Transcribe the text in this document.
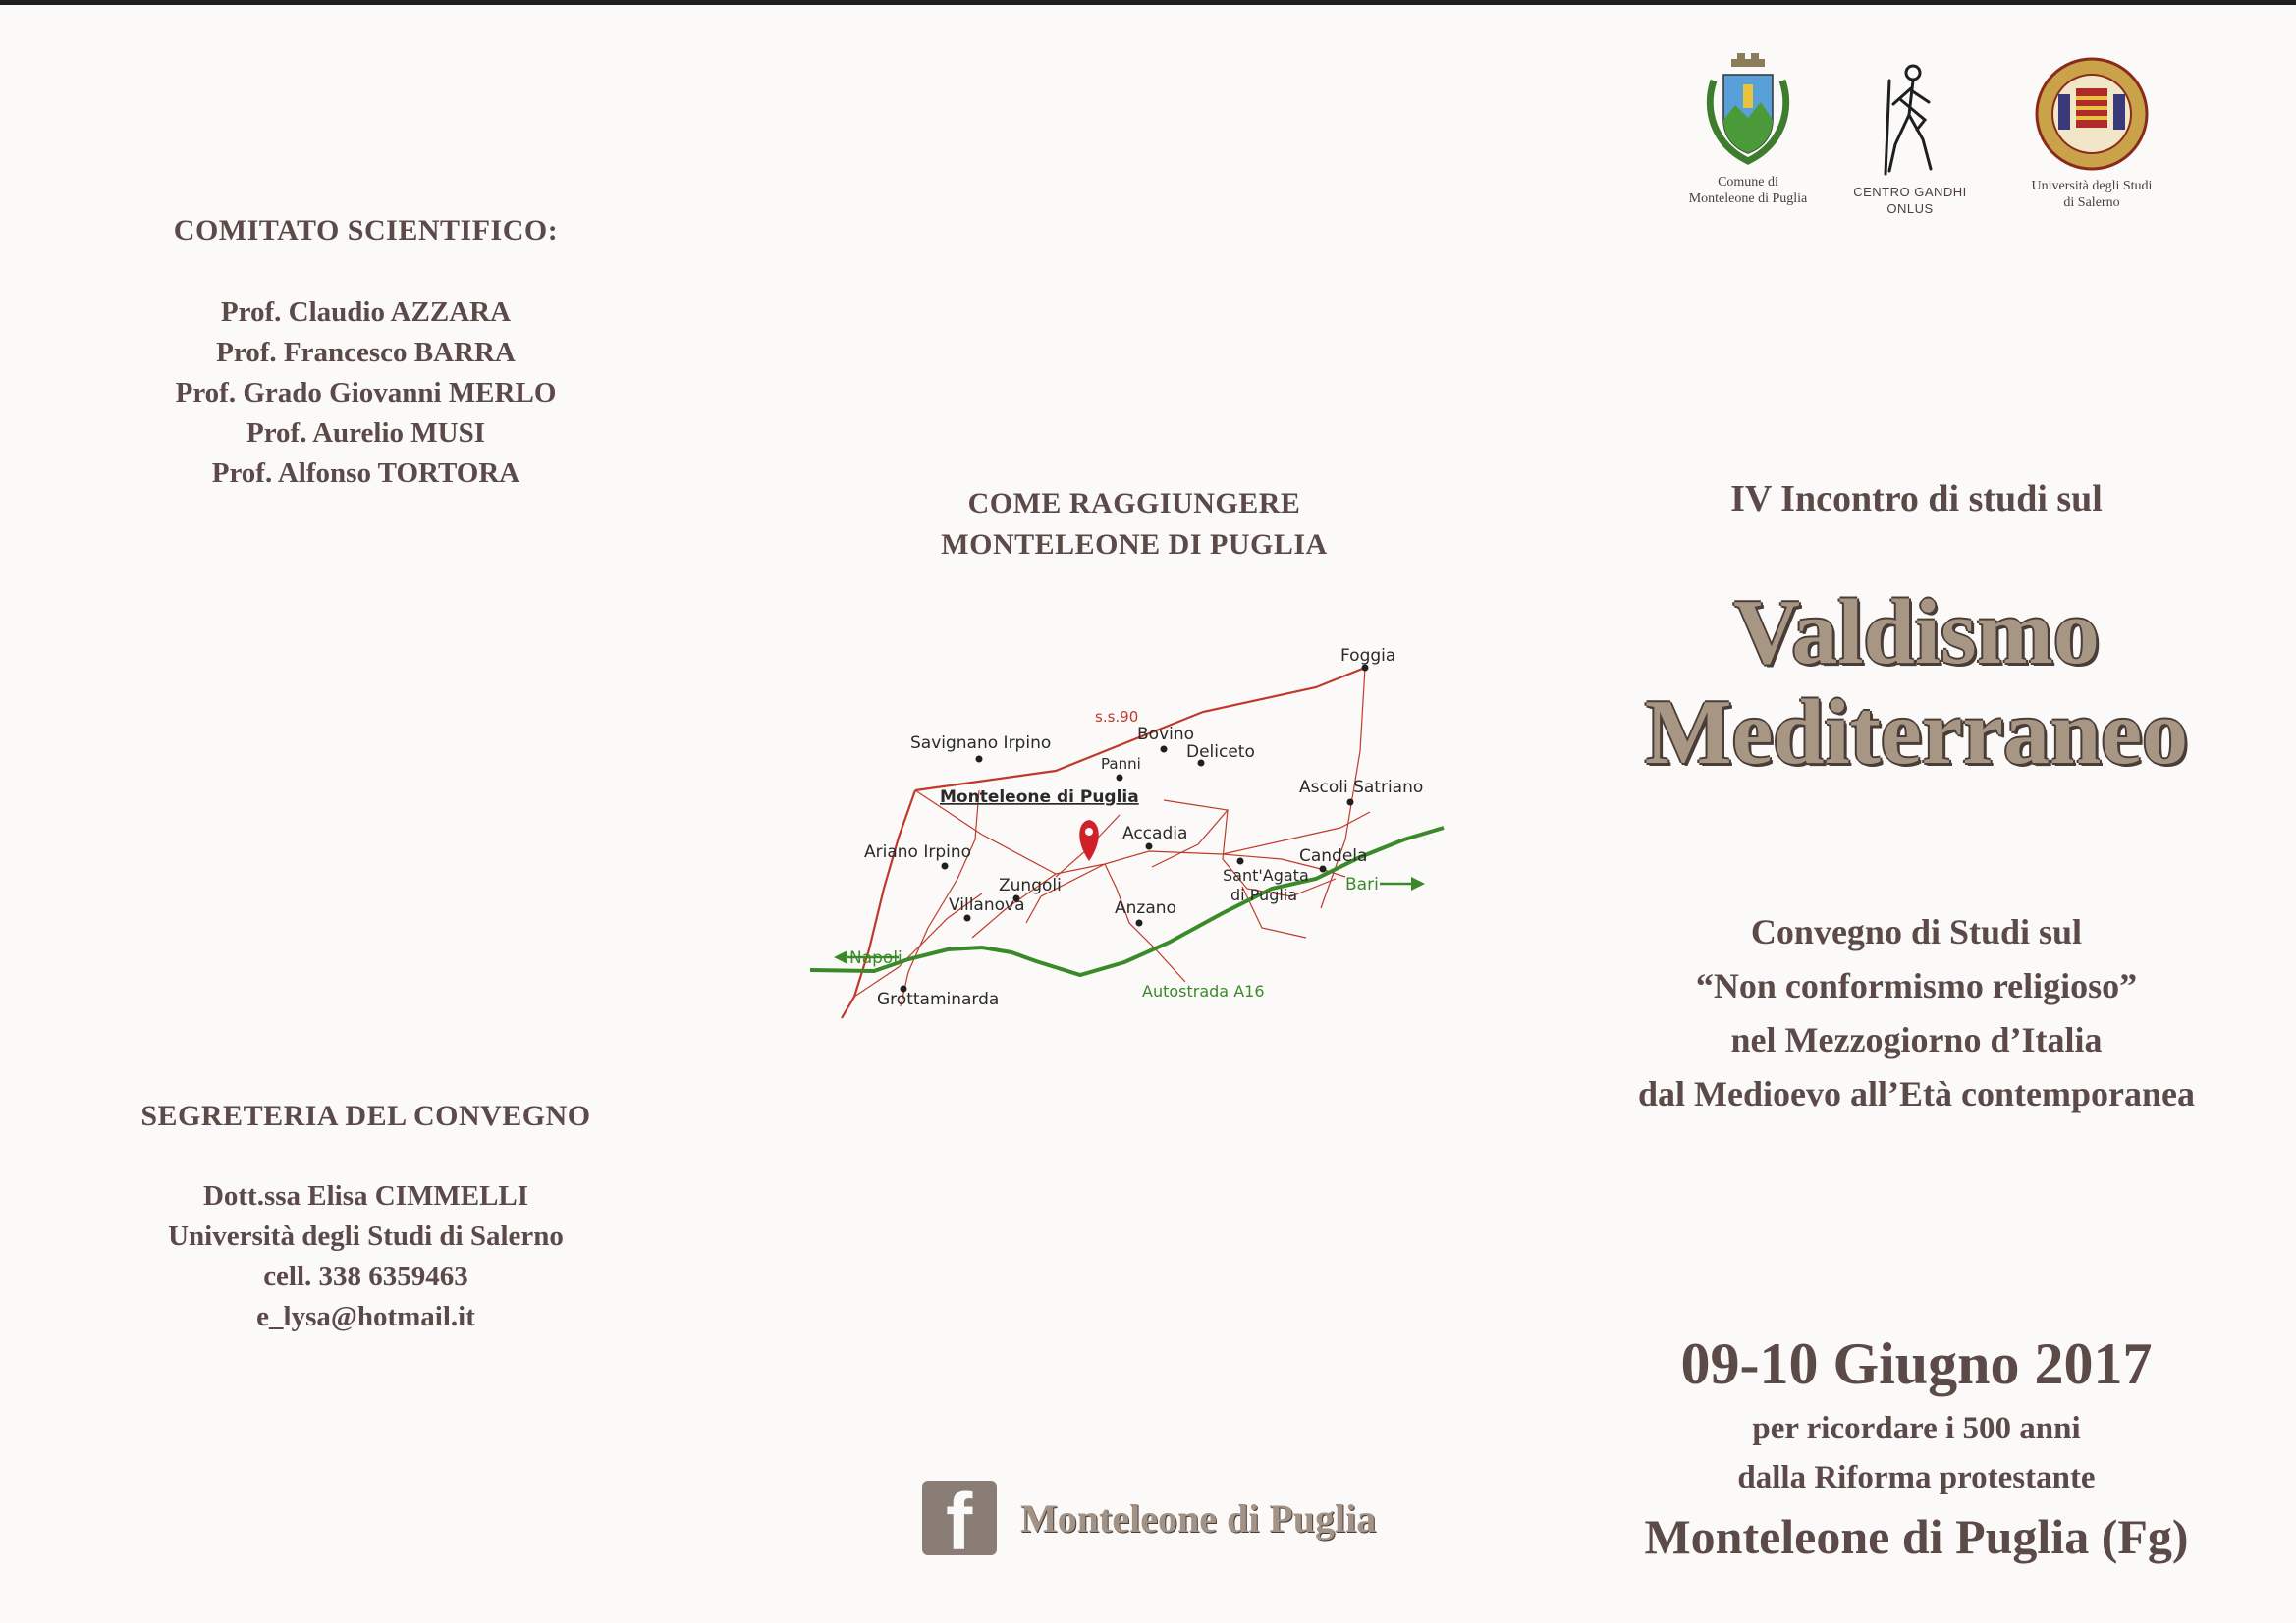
COMITATO SCIENTIFICO:
Prof. Claudio AZZARA
Prof. Francesco BARRA
Prof. Grado Giovanni MERLO
Prof. Aurelio MUSI
Prof. Alfonso TORTORA
SEGRETERIA DEL CONVEGNO
Dott.ssa Elisa CIMMELLI
Università degli Studi di Salerno
cell. 338 6359463
e_lysa@hotmail.it
COME RAGGIUNGERE
MONTELEONE DI PUGLIA
Foggia
s.s.90
Bovino
Savignano Irpino
Panni
Deliceto
Monteleone di Puglia	Ascoli Satriano
Accadia
Ariano Irpino	Candela
Sant'Agata
di Puglia
Bari
Zungoli
Villanova	Anzano
Napoli
Grottaminarda	Autostrada A16
f Monteleone di Puglia
Comune di
Monteleone di Puglia	CENTRO GANDHI
ONLUS
Università degli Studi
di Salerno
IV Incontro di studi sul
Valdismo
Mediterraneo
Convegno di Studi sul
“Non conformismo religioso”
nel Mezzogiorno d’Italia
dal Medioevo all’Età contemporanea
09-10 Giugno 2017
per ricordare i 500 anni
dalla Riforma protestante
Monteleone di Puglia (Fg)
